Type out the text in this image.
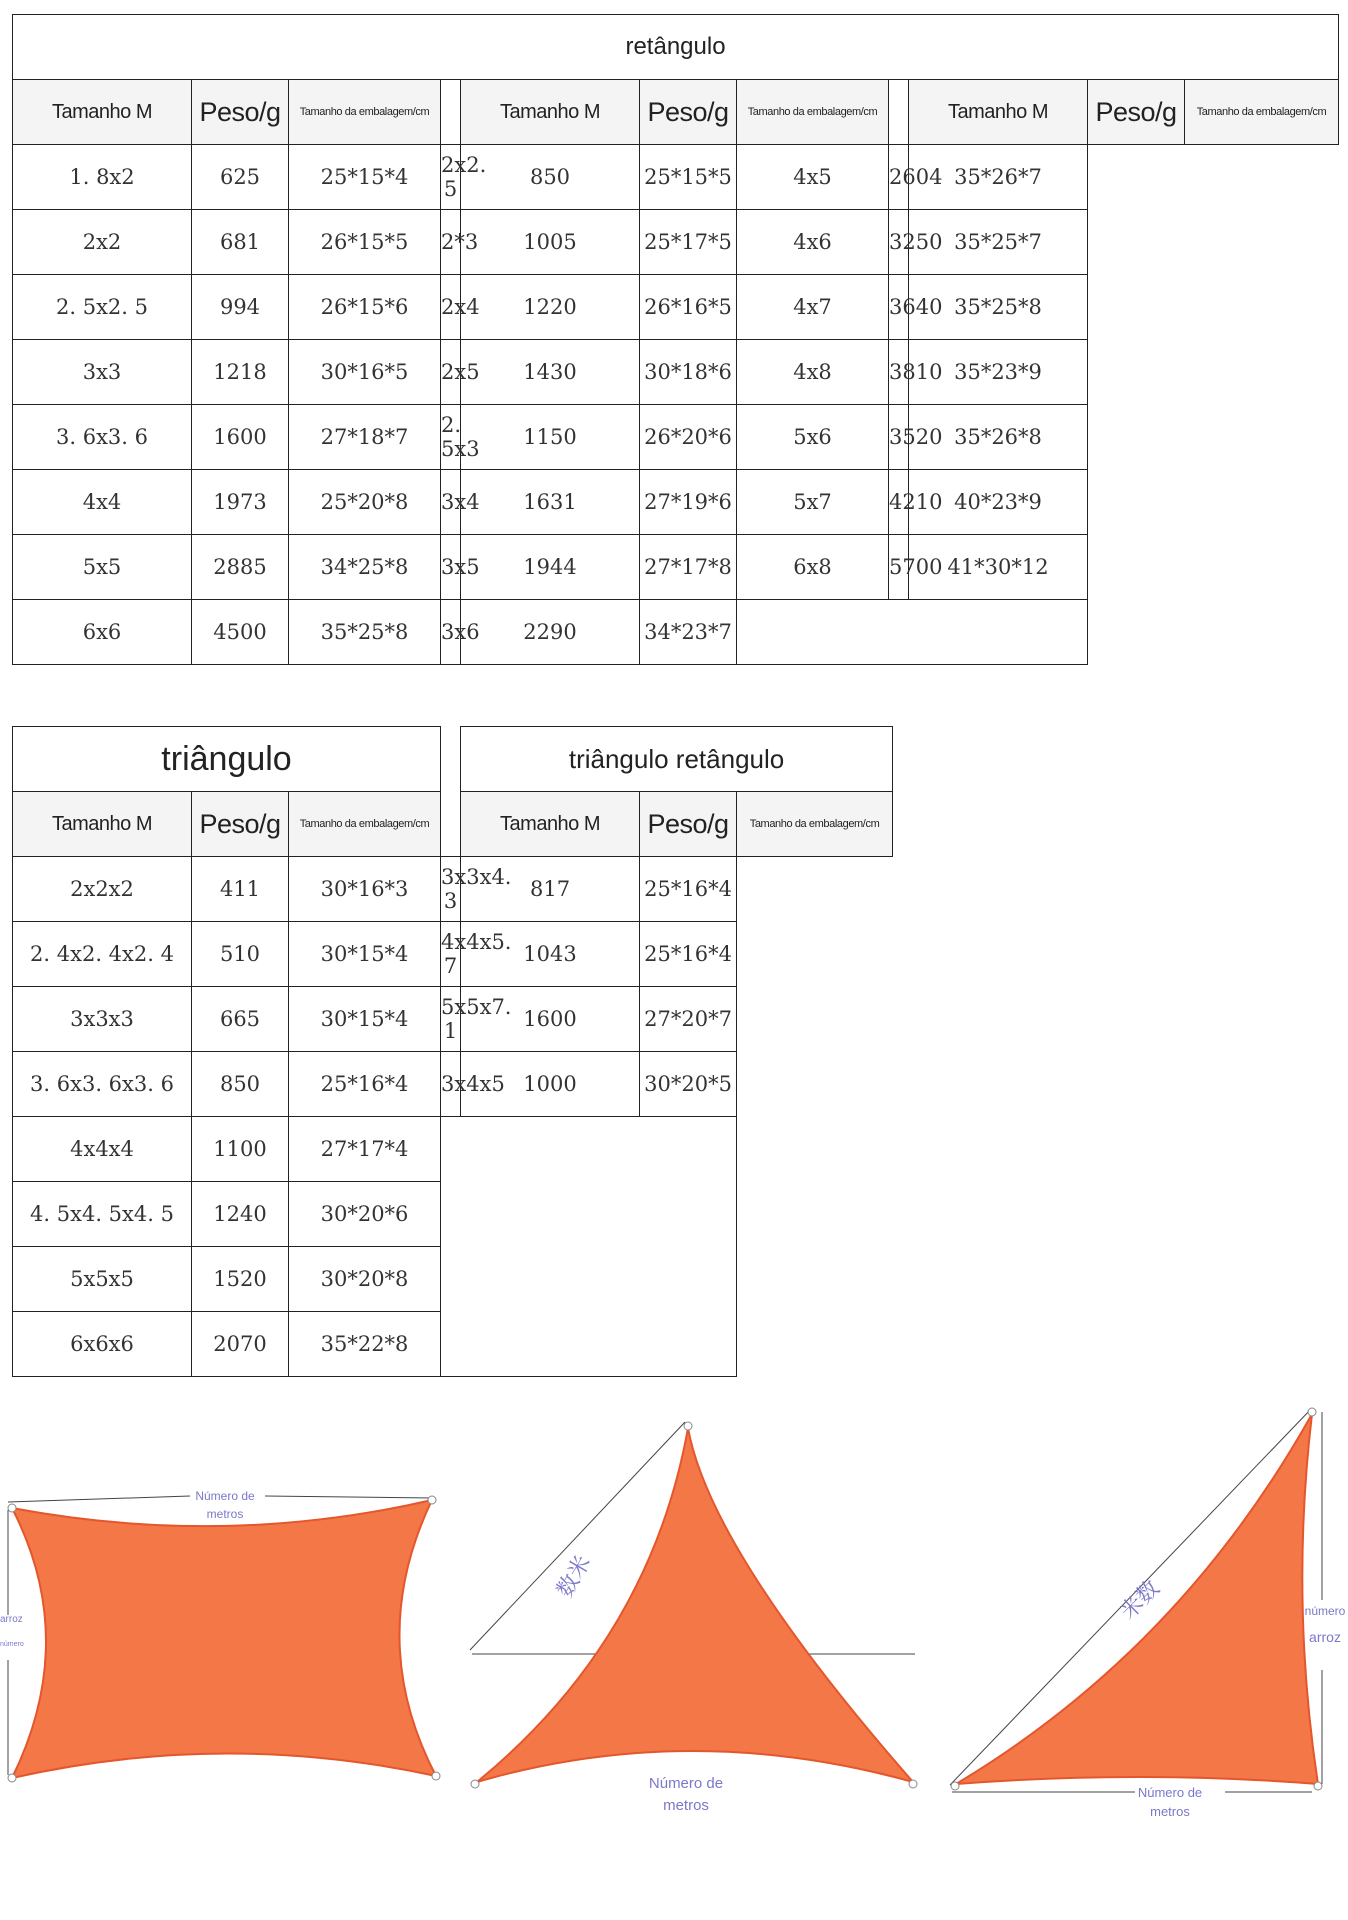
retângulo										
Tamanho M	Peso/g	Tamanho da embalagem/cm		Tamanho M	Peso/g	Tamanho da embalagem/cm		Tamanho M	Peso/g	Tamanho da embalagem/cm
1. 8x2	625	25*15*4	2x2. 5	850	25*15*5	4x5	2604	35*26*7		
2x2	681	26*15*5	2*3	1005	25*17*5	4x6	3250	35*25*7		
2. 5x2. 5	994	26*15*6	2x4	1220	26*16*5	4x7	3640	35*25*8		
3x3	1218	30*16*5	2x5	1430	30*18*6	4x8	3810	35*23*9		
3. 6x3. 6	1600	27*18*7	2. 5x3	1150	26*20*6	5x6	3520	35*26*8		
4x4	1973	25*20*8	3x4	1631	27*19*6	5x7	4210	40*23*9		
5x5	2885	34*25*8	3x5	1944	27*17*8	6x8	5700	41*30*12		
6x6	4500	35*25*8	3x6	2290	34*23*7					
triângulo				triângulo retângulo		
Tamanho M	Peso/g	Tamanho da embalagem/cm		Tamanho M	Peso/g	Tamanho da embalagem/cm
2x2x2	411	30*16*3	3x3x4. 3	817	25*16*4	
2. 4x2. 4x2. 4	510	30*15*4	4x4x5. 7	1043	25*16*4	
3x3x3	665	30*15*4	5x5x7. 1	1600	27*20*7	
3. 6x3. 6x3. 6	850	25*16*4	3x4x5	1000	30*20*5	
4x4x4	1100	27*17*4				
4. 5x4. 5x4. 5	1240	30*20*6				
5x5x5	1520	30*20*8				
6x6x6	2070	35*22*8				
Número de
metros
arroz
número
数米
Número de
metros
米数	número
arroz
Número de
metros
